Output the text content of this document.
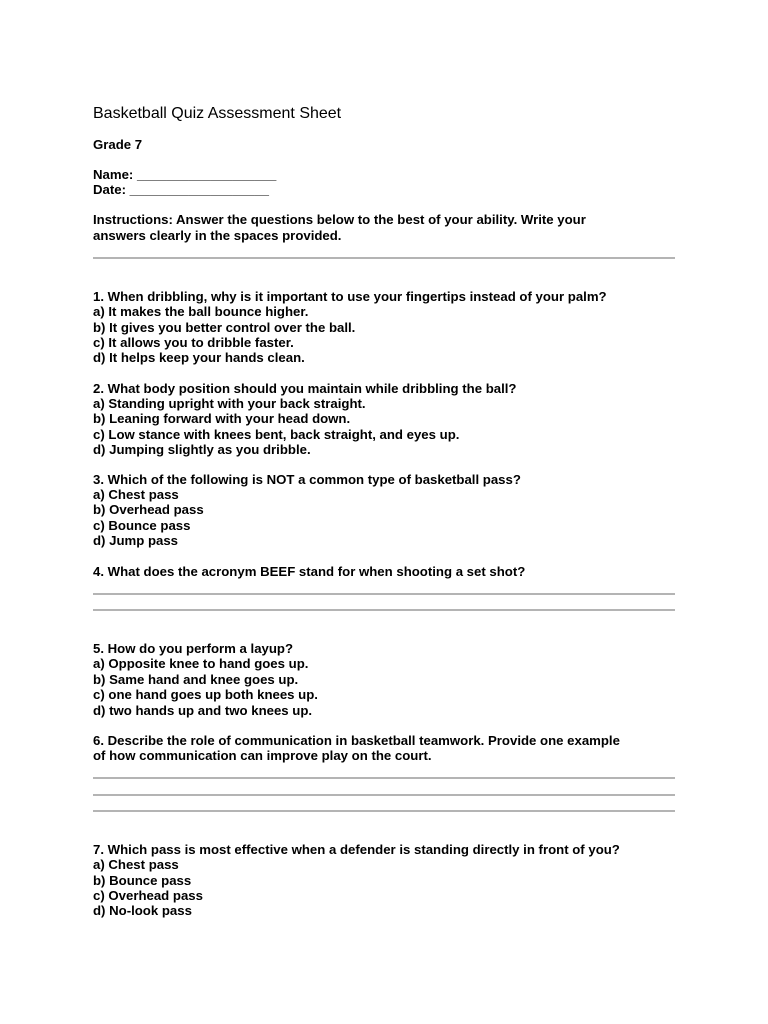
Basketball Quiz Assessment Sheet
Grade 7
Name: ___________________
Date: ___________________
Instructions: Answer the questions below to the best of your ability. Write your
answers clearly in the spaces provided.
1. When dribbling, why is it important to use your fingertips instead of your palm?
a) It makes the ball bounce higher.
b) It gives you better control over the ball.
c) It allows you to dribble faster.
d) It helps keep your hands clean.
2. What body position should you maintain while dribbling the ball?
a) Standing upright with your back straight.
b) Leaning forward with your head down.
c) Low stance with knees bent, back straight, and eyes up.
d) Jumping slightly as you dribble.
3. Which of the following is NOT a common type of basketball pass?
a) Chest pass
b) Overhead pass
c) Bounce pass
d) Jump pass
4. What does the acronym BEEF stand for when shooting a set shot?
5. How do you perform a layup?
a) Opposite knee to hand goes up.
b) Same hand and knee goes up.
c) one hand goes up both knees up.
d) two hands up and two knees up.
6. Describe the role of communication in basketball teamwork. Provide one example
of how communication can improve play on the court.
7. Which pass is most effective when a defender is standing directly in front of you?
a) Chest pass
b) Bounce pass
c) Overhead pass
d) No-look pass
